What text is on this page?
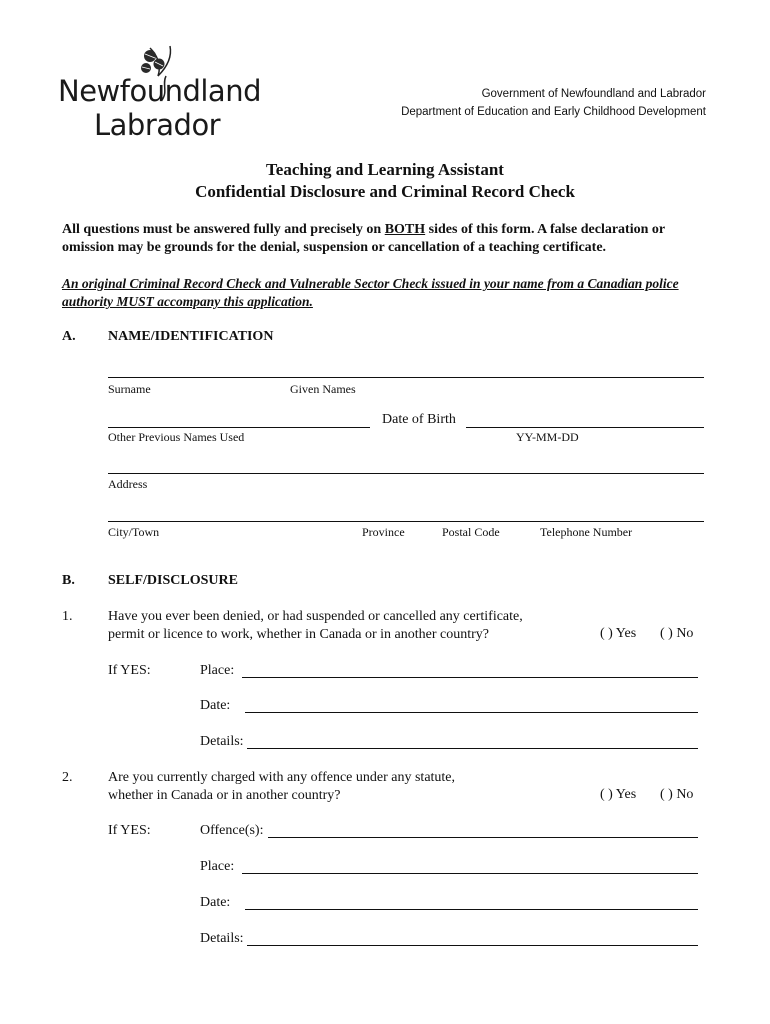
Newfoundland
Labrador
Government of Newfoundland and Labrador
Department of Education and Early Childhood Development
Teaching and Learning Assistant
Confidential Disclosure and Criminal Record Check
All questions must be answered fully and precisely on BOTH sides of this form. A false declaration or omission may be grounds for the denial, suspension or cancellation of a teaching certificate.
An original Criminal Record Check and Vulnerable Sector Check issued in your name from a Canadian police authority MUST accompany this application.
A. NAME/IDENTIFICATION
Surname	Given Names
Date of Birth
Other Previous Names Used	YY-MM-DD
Address
City/Town	Province	Postal Code	Telephone Number
B. SELF/DISCLOSURE
1.	Have you ever been denied, or had suspended or cancelled any certificate,
permit or licence to work, whether in Canada or in another country?	( ) Yes ( ) No
If YES:	Place:
Date:
Details:
2.	Are you currently charged with any offence under any statute,
whether in Canada or in another country?	( ) Yes ( ) No
If YES:	Offence(s):
Place:
Date:
Details:
